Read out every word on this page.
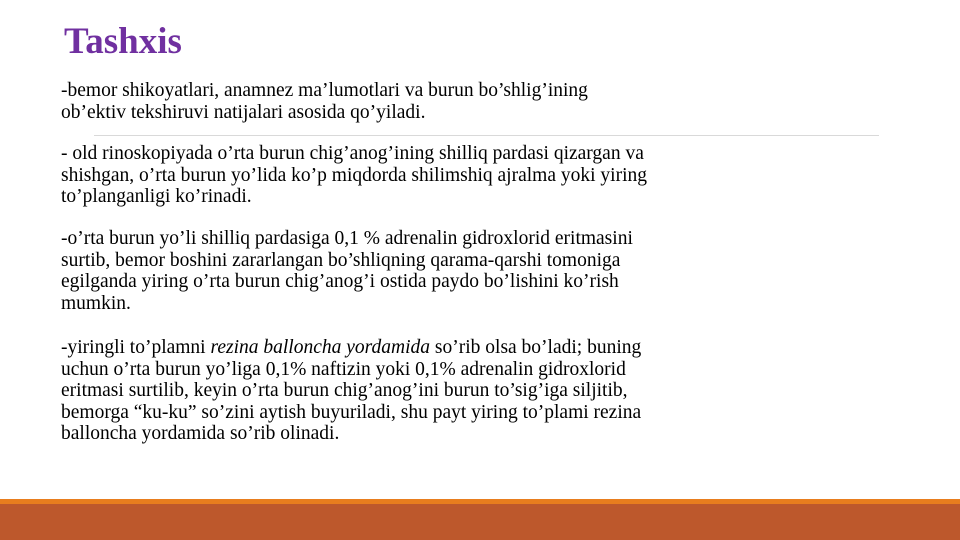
Tashxis
-bemor shikoyatlari, anamnez ma’lumotlari va burun bo’shlig’ining
ob’ektiv tekshiruvi natijalari asosida qo’yiladi.
- old rinoskopiyada o’rta burun chig’anog’ining shilliq pardasi qizargan va
shishgan, o’rta burun yo’lida ko’p miqdorda shilimshiq ajralma yoki yiring
to’planganligi ko’rinadi.
-o’rta burun yo’li shilliq pardasiga 0,1 % adrenalin gidroxlorid eritmasini
surtib, bemor boshini zararlangan bo’shliqning qarama-qarshi tomoniga
egilganda yiring o’rta burun chig’anog’i ostida paydo bo’lishini ko’rish
mumkin.
-yiringli to’plamni rezina balloncha yordamida so’rib olsa bo’ladi; buning
uchun o’rta burun yo’liga 0,1% naftizin yoki 0,1% adrenalin gidroxlorid
eritmasi surtilib, keyin o’rta burun chig’anog’ini burun to’sig’iga siljitib,
bemorga “ku-ku” so’zini aytish buyuriladi, shu payt yiring to’plami rezina
balloncha yordamida so’rib olinadi.
